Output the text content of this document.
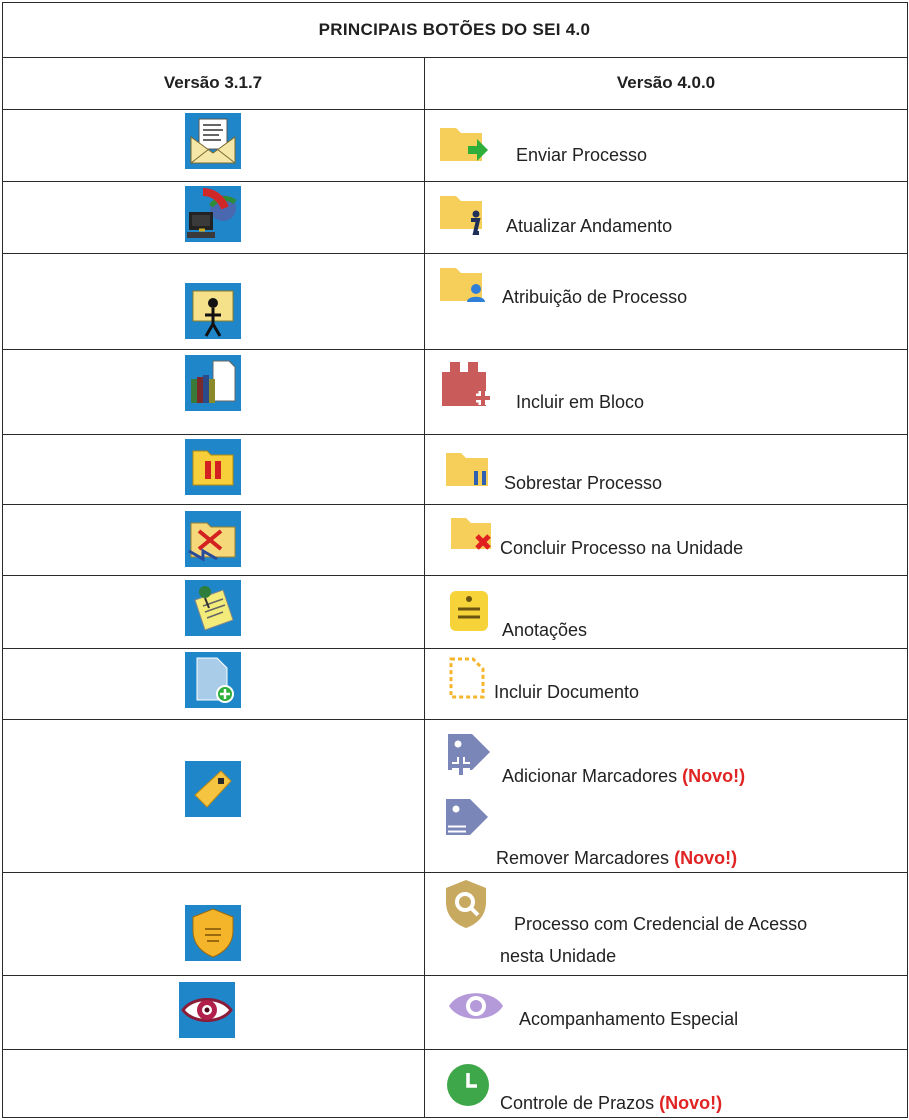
PRINCIPAIS BOTÕES DO SEI 4.0
Versão 3.1.7	Versão 4.0.0
Enviar Processo
Atualizar Andamento
Atribuição de Processo
Incluir em Bloco
Sobrestar Processo
Concluir Processo na Unidade
Anotações
Incluir Documento
Adicionar Marcadores (Novo!)
Remover Marcadores (Novo!)
Processo com Credencial de Acesso
nesta Unidade
Acompanhamento Especial
Controle de Prazos (Novo!)
